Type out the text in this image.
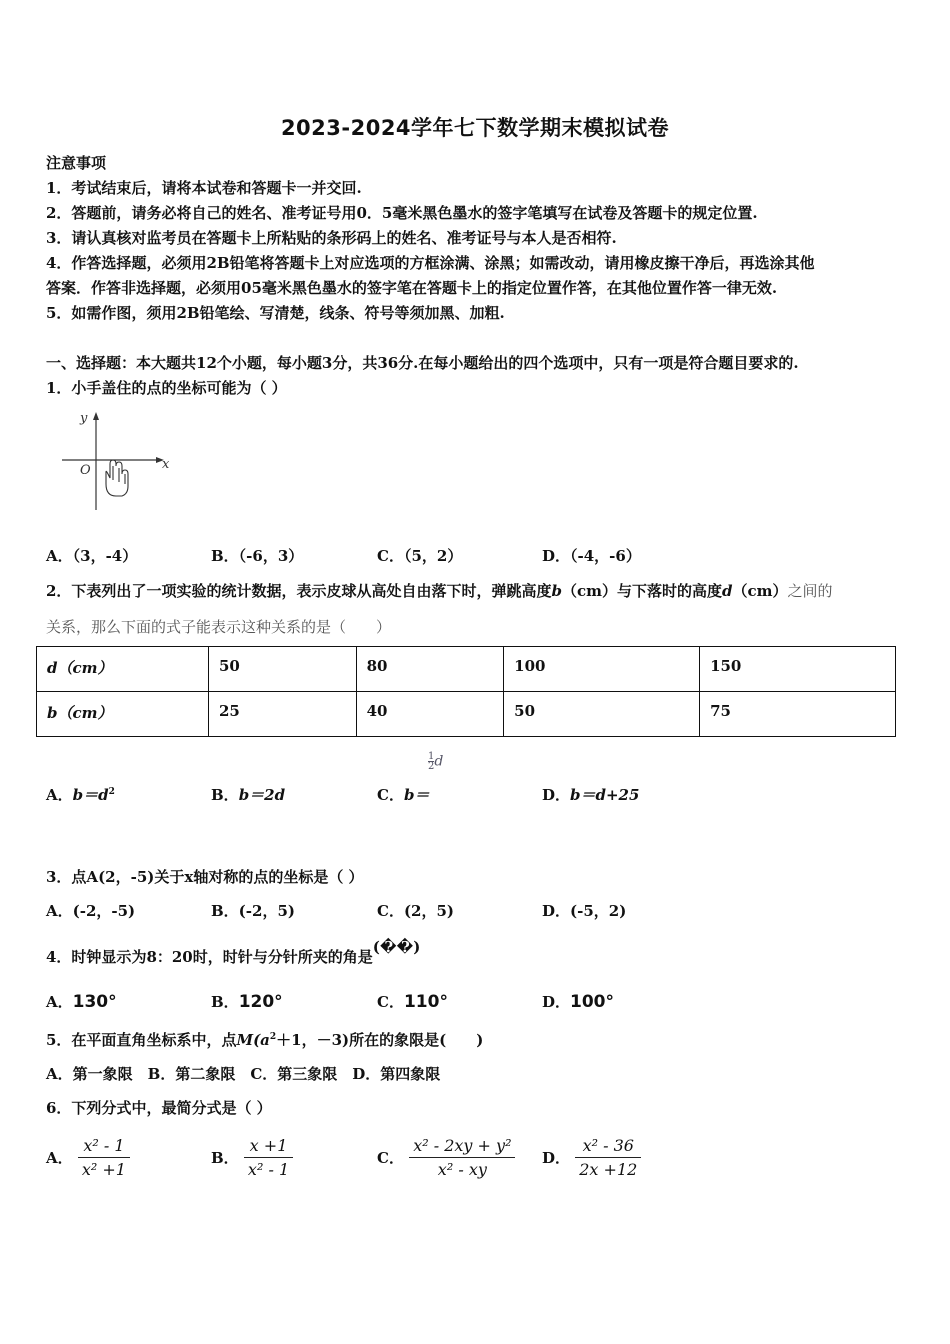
2023-2024学年七下数学期末模拟试卷
注意事项
1．考试结束后，请将本试卷和答题卡一并交回.
2．答题前，请务必将自己的姓名、准考证号用0．5毫米黑色墨水的签字笔填写在试卷及答题卡的规定位置.
3．请认真核对监考员在答题卡上所粘贴的条形码上的姓名、准考证号与本人是否相符.
4．作答选择题，必须用2B铅笔将答题卡上对应选项的方框涂满、涂黑；如需改动，请用橡皮擦干净后，再选涂其他
答案．作答非选择题，必须用05毫米黑色墨水的签字笔在答题卡上的指定位置作答，在其他位置作答一律无效.
5．如需作图，须用2B铅笔绘、写清楚，线条、符号等须加黑、加粗.
一、选择题：本大题共12个小题，每小题3分，共36分.在每小题给出的四个选项中，只有一项是符合题目要求的.
1．小手盖住的点的坐标可能为（ ）
y
x
O
A．（3，-4）	B．（-6，3）	C．（5，2）	D．（-4，-6）
2．下表列出了一项实验的统计数据，表示皮球从高处自由落下时，弹跳高度b（cm）与下落时的高度d（cm）之间的
关系，那么下面的式子能表示这种关系的是（　　）
d（cm）	50	80	100	150
b（cm）	25	40	50	75
A．$b=d^2$	B．b＝2d	C．b＝
$\frac{1}{2}$ d
D．b＝d+25
3．点A(2，-5)关于x轴对称的点的坐标是（ ）
A．(-2，-5)	B．(-2，5)	C．(2，5)	D．(-5，2)
4．时钟显示为8：20时，时针与分针所夹的角是(��)
A．130°	B．120°	C．110°	D．100°
5．在平面直角坐标系中，点$M(a^2+1$，－3)所在的象限是(　　)
A．第一象限　B．第二象限　C．第三象限　D．第四象限
6．下列分式中，最简分式是（ ）
A． $\frac{\text{x² - 1}}{\text{x² +1}}$	B． $\frac{x +1}{\text{x² - 1}}$	C． $\frac{\text{x² - 2xy + y²}}{\text{x² - xy}}$ D． $\frac{\text{x² - 36}}{2x +12}$
